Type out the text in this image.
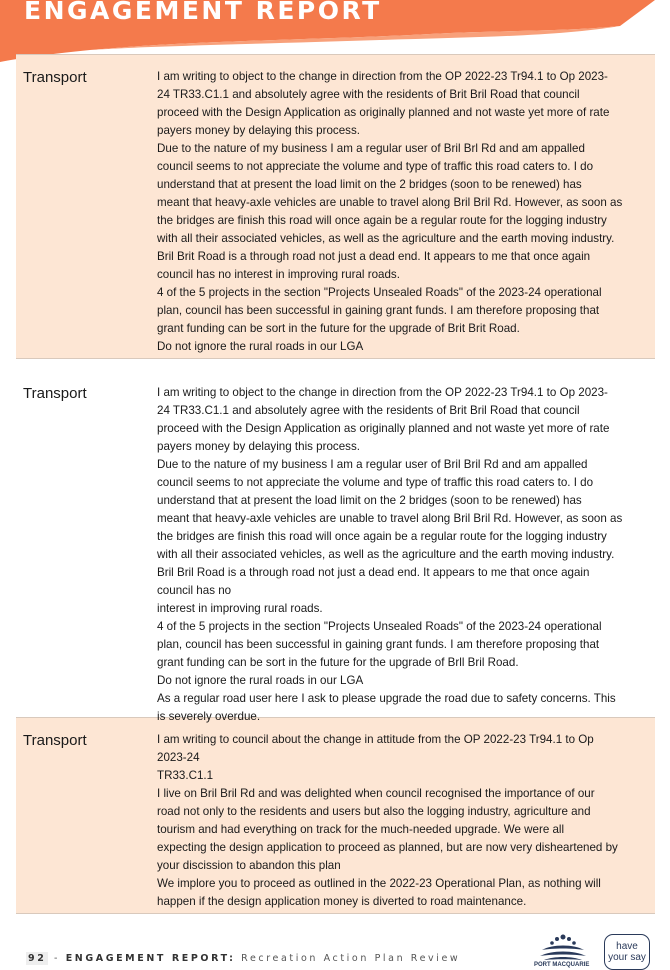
ENGAGEMENT REPORT
Transport	I am writing to object to the change in direction from the OP 2022-23 Tr94.1 to Op 2023-
24 TR33.C1.1 and absolutely agree with the residents of Brit Bril Road that council
proceed with the Design Application as originally planned and not waste yet more of rate
payers money by delaying this process.
Due to the nature of my business I am a regular user of Bril Brl Rd and am appalled
council seems to not appreciate the volume and type of traffic this road caters to. I do
understand that at present the load limit on the 2 bridges (soon to be renewed) has
meant that heavy-axle vehicles are unable to travel along Bril Bril Rd. However, as soon as
the bridges are finish this road will once again be a regular route for the logging industry
with all their associated vehicles, as well as the agriculture and the earth moving industry.
Bril Brit Road is a through road not just a dead end. It appears to me that once again
council has no interest in improving rural roads.
4 of the 5 projects in the section "Projects Unsealed Roads" of the 2023-24 operational
plan, council has been successful in gaining grant funds. I am therefore proposing that
grant funding can be sort in the future for the upgrade of Brit Brit Road.
Do not ignore the rural roads in our LGA
Transport	I am writing to object to the change in direction from the OP 2022-23 Tr94.1 to Op 2023-
24 TR33.C1.1 and absolutely agree with the residents of Brit Bril Road that council
proceed with the Design Application as originally planned and not waste yet more of rate
payers money by delaying this process.
Due to the nature of my business I am a regular user of Bril Bril Rd and am appalled
council seems to not appreciate the volume and type of traffic this road caters to. I do
understand that at present the load limit on the 2 bridges (soon to be renewed) has
meant that heavy-axle vehicles are unable to travel along Bril Bril Rd. However, as soon as
the bridges are finish this road will once again be a regular route for the logging industry
with all their associated vehicles, as well as the agriculture and the earth moving industry.
Bril Bril Road is a through road not just a dead end. It appears to me that once again
council has no
interest in improving rural roads.
4 of the 5 projects in the section "Projects Unsealed Roads" of the 2023-24 operational
plan, council has been successful in gaining grant funds. I am therefore proposing that
grant funding can be sort in the future for the upgrade of Brll Bril Road.
Do not ignore the rural roads in our LGA
As a regular road user here I ask to please upgrade the road due to safety concerns. This
is severely overdue.
Transport	I am writing to council about the change in attitude from the OP 2022-23 Tr94.1 to Op
2023-24
TR33.C1.1
I live on Bril Bril Rd and was delighted when council recognised the importance of our
road not only to the residents and users but also the logging industry, agriculture and
tourism and had everything on track for the much-needed upgrade. We were all
expecting the design application to proceed as planned, but are now very disheartened by
your discission to abandon this plan
We implore you to proceed as outlined in the 2022-23 Operational Plan, as nothing will
happen if the design application money is diverted to road maintenance.
92 - ENGAGEMENT REPORT: Recreation Action Plan Review
PORT MACQUARIE
have
your say
